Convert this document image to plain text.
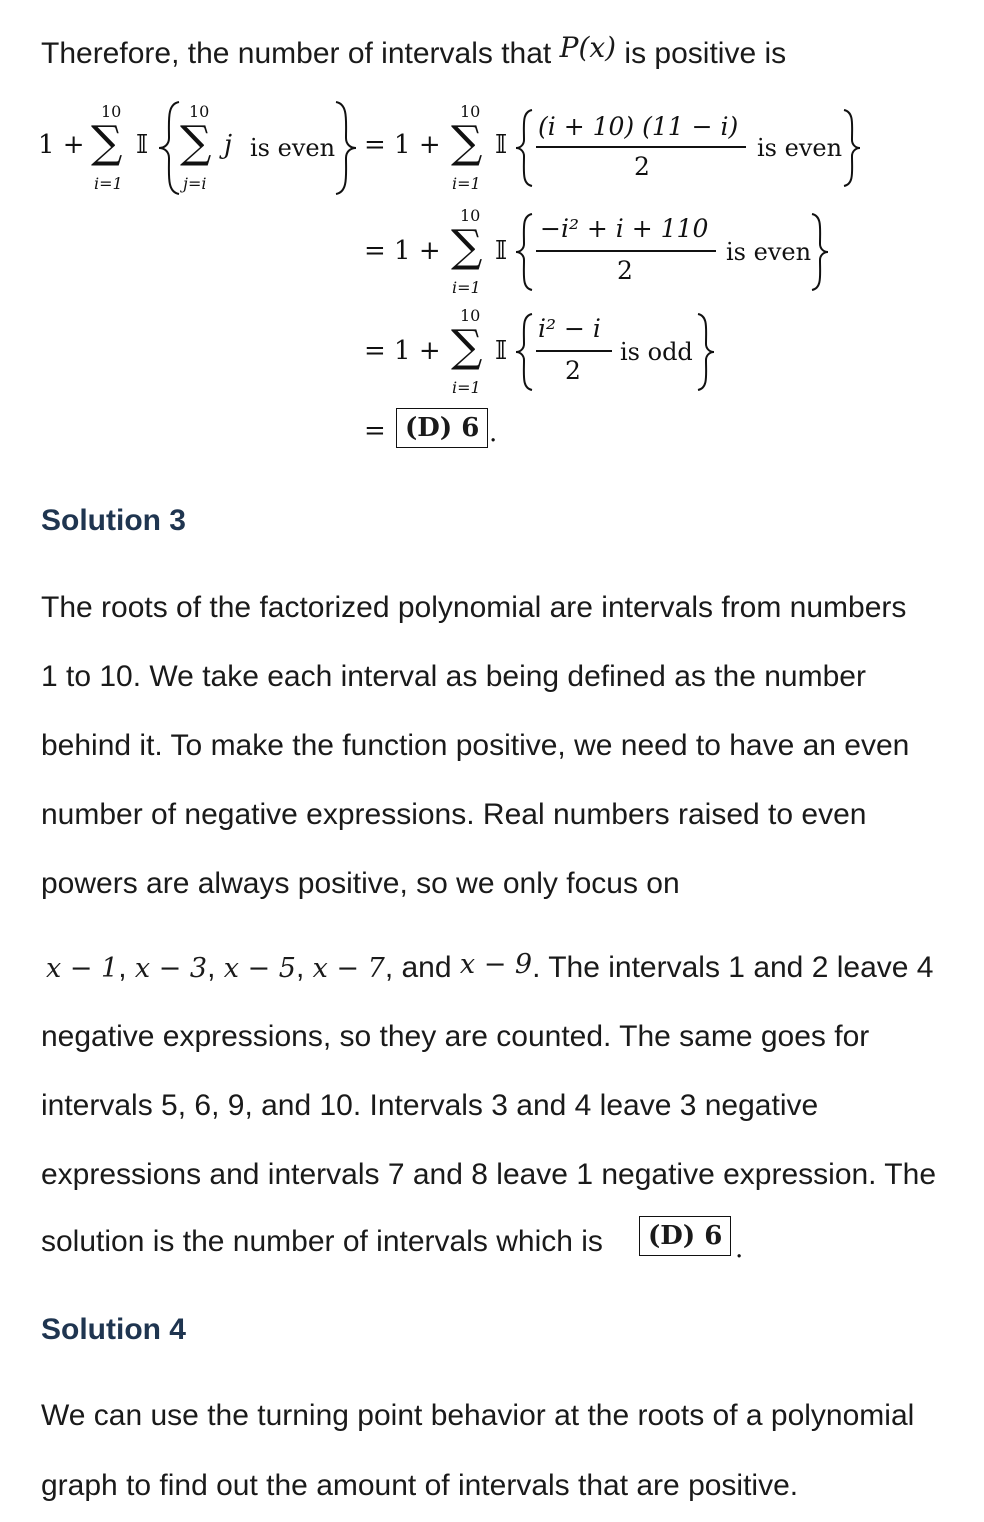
Therefore, the number of intervals that P(x) is positive is
1 +
10
∑
i=1
𝕀
10
∑
j=i
j is even = 1 +
10
∑
i=1
𝕀
(i + 10) (11 − i)
2
is even
= 1 +
10
∑
i=1
𝕀
−i² + i + 110
2
is even
= 1 +
10
∑
i=1
𝕀
i² − i
2
is odd
= (D) 6 .
Solution 3
The roots of the factorized polynomial are intervals from numbers
1 to 10. We take each interval as being defined as the number
behind it. To make the function positive, we need to have an even
number of negative expressions. Real numbers raised to even
powers are always positive, so we only focus on
x − 1, x − 3, x − 5, x − 7, and x − 9. The intervals 1 and 2 leave 4
negative expressions, so they are counted. The same goes for
intervals 5, 6, 9, and 10. Intervals 3 and 4 leave 3 negative
expressions and intervals 7 and 8 leave 1 negative expression. The
solution is the number of intervals which is	(D) 6 .
Solution 4
We can use the turning point behavior at the roots of a polynomial
graph to find out the amount of intervals that are positive.
